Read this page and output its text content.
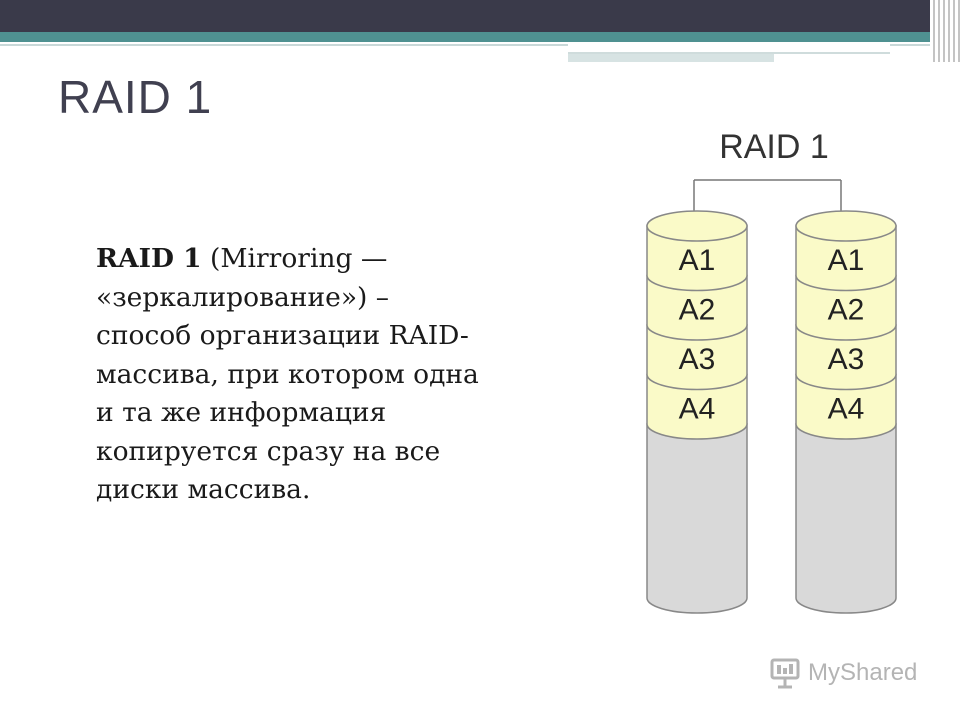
RAID 1
RAID 1 (Mirroring —
«зеркалирование») –
способ организации RAID-
массива, при котором одна
и та же информация
копируется сразу на все
диски массива.
RAID 1
A1
A2
A3
A4
A1
A2
A3
A4
MyShared
